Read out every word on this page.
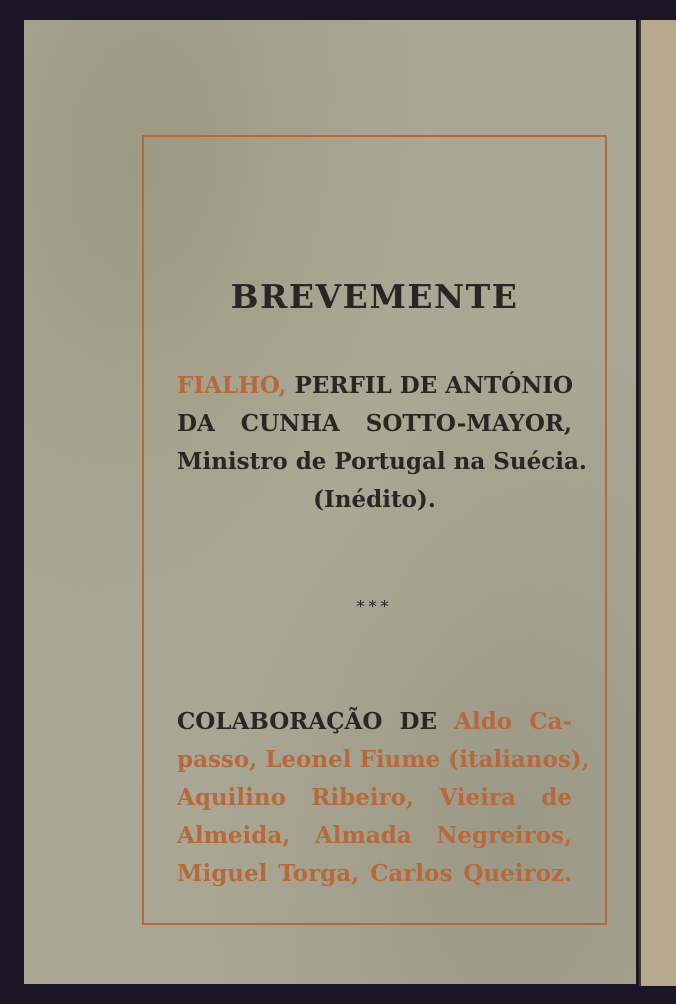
BREVEMENTE
FIALHO, PERFIL DE ANTÓNIO
DA CUNHA SOTTO-MAYOR,
Ministro de Portugal na Suécia.
(Inédito).
***
COLABORAÇÃO DE Aldo Ca-
passo, Leonel Fiume (italianos),
Aquilino Ribeiro, Vieira de
Almeida, Almada Negreiros,
Miguel Torga, Carlos Queiroz.
